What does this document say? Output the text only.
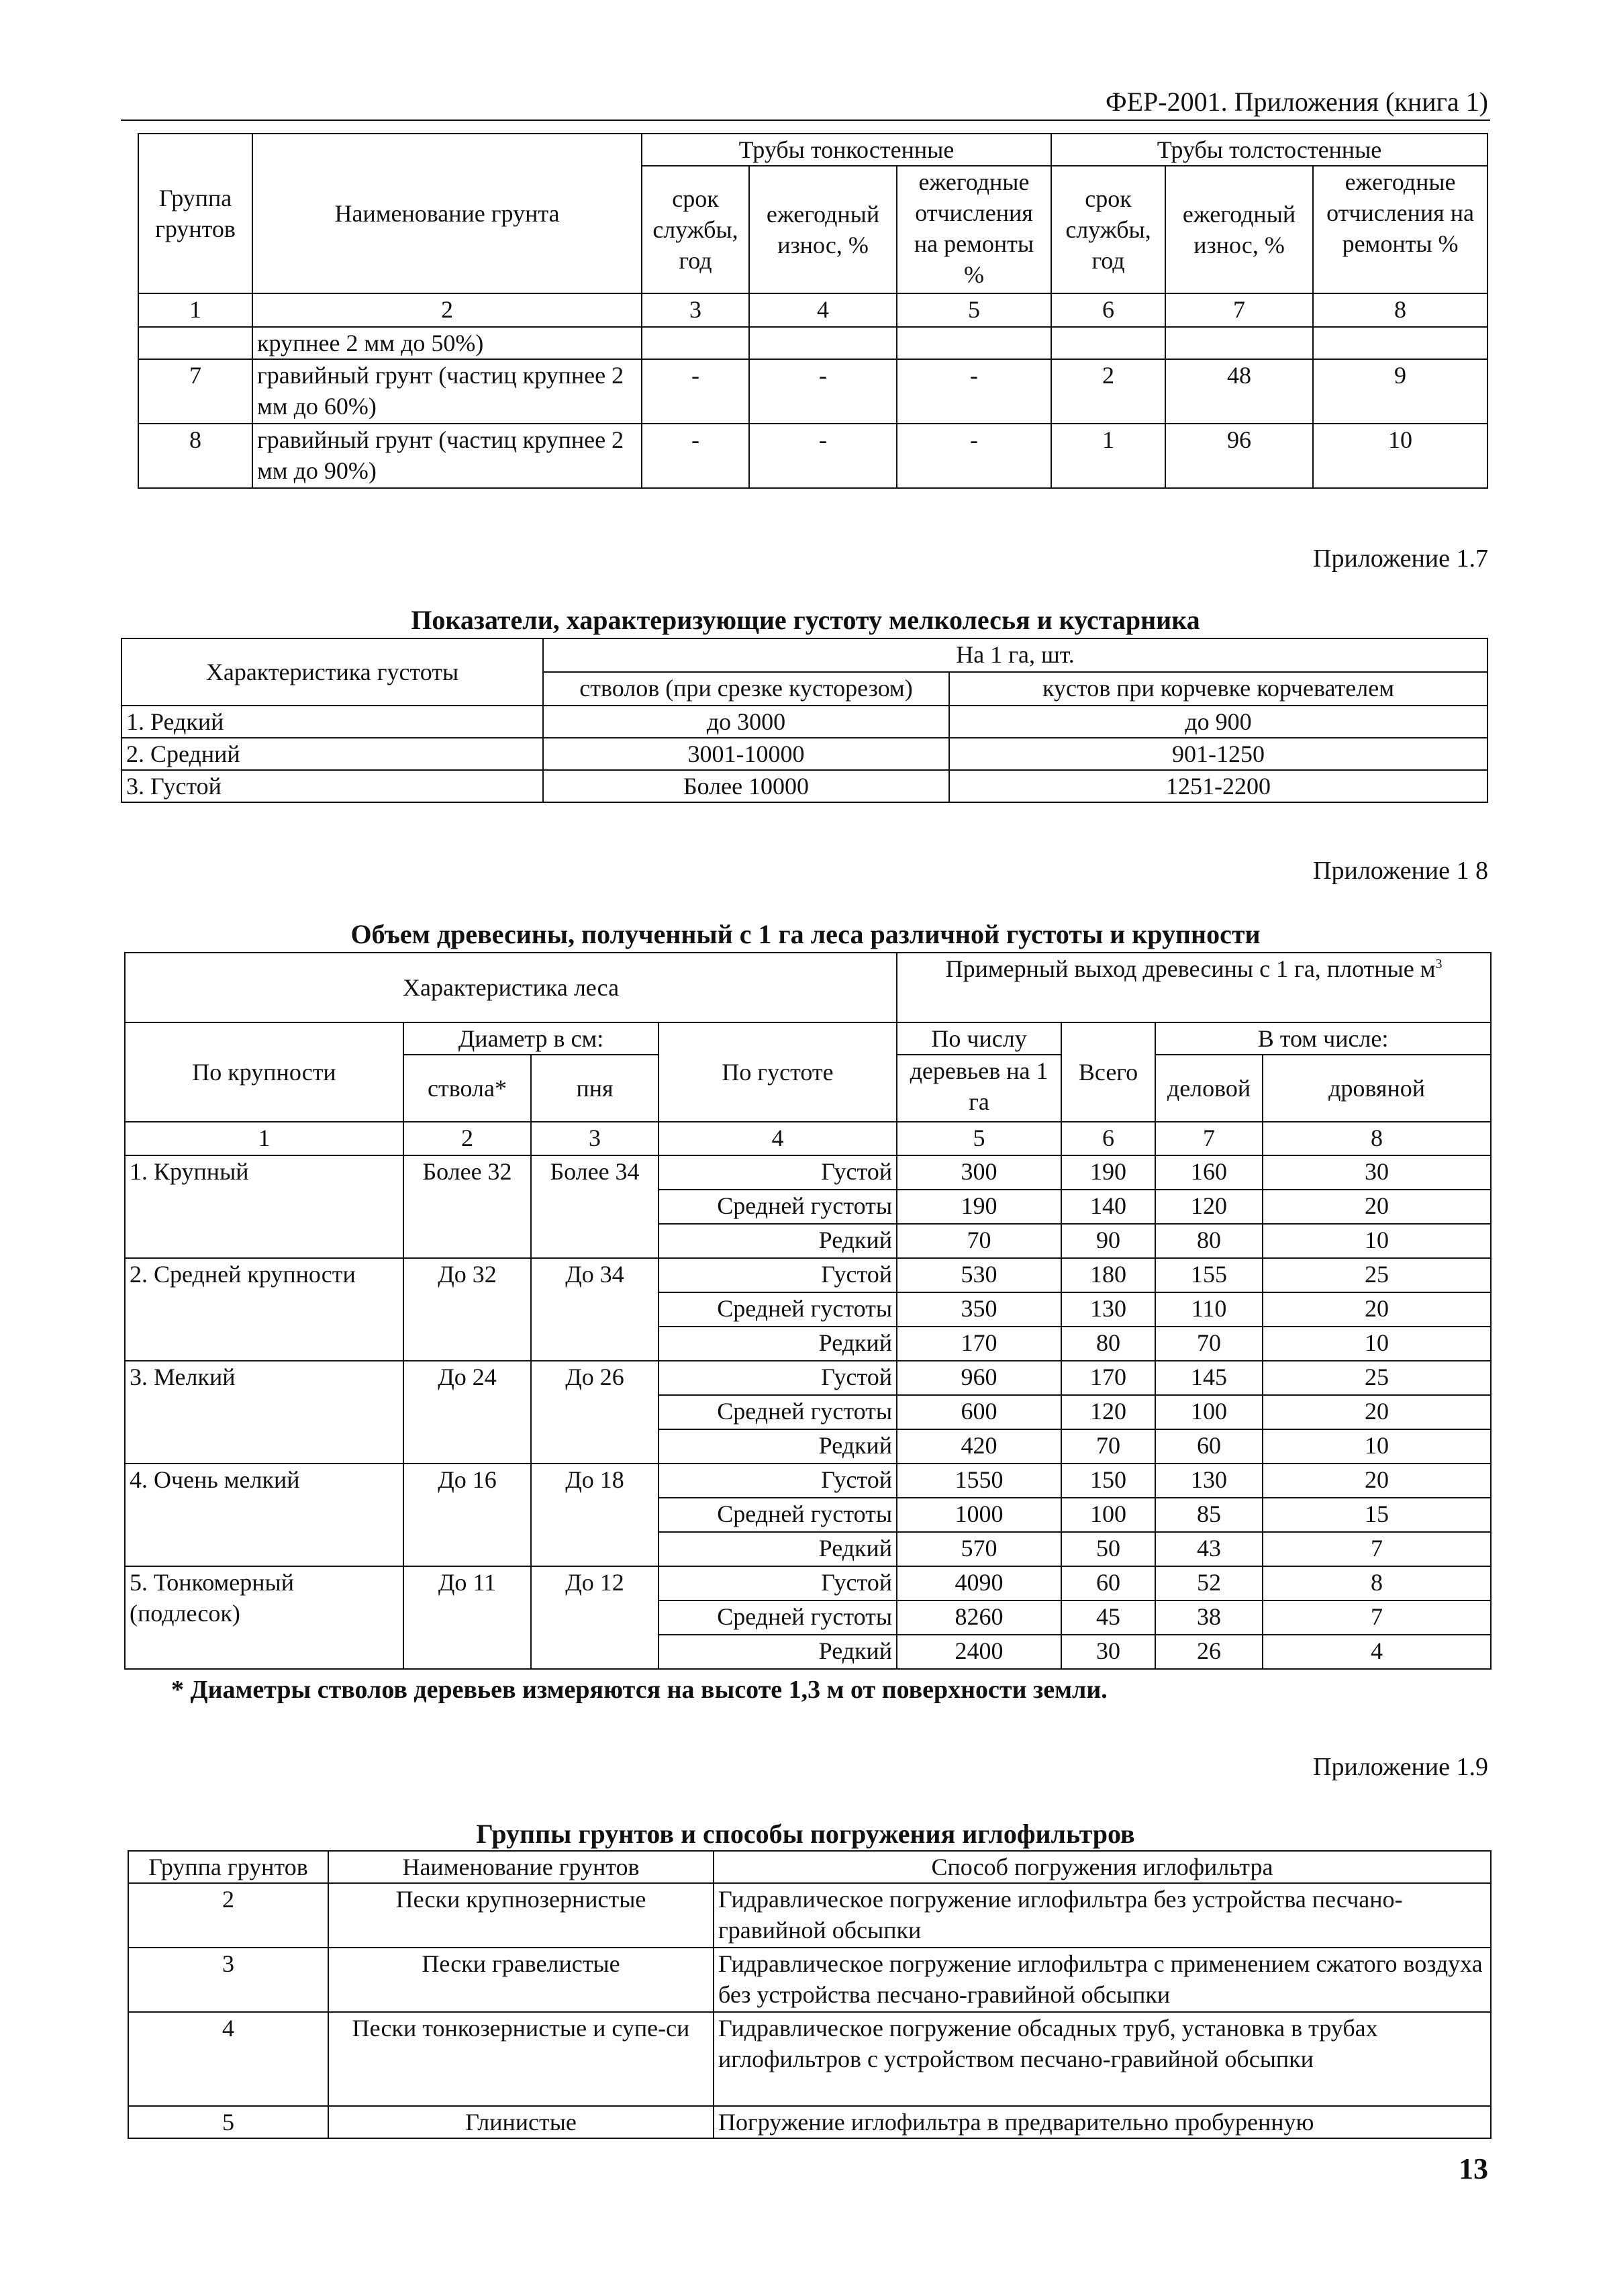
ФЕР-2001. Приложения (книга 1)
Группа грунтов	Наименование грунта	Трубы тонкостенные			Трубы толстостенные		
		срок службы, год	ежегодный износ, %	ежегодные отчисления на ремонты %	срок службы, год	ежегодный износ, %	ежегодные отчисления на ремонты %
1	2	3	4	5	6	7	8
	крупнее 2 мм до 50%)						
7	гравийный грунт (частиц крупнее 2 мм до 60%)	-	-	-	2	48	9
8	гравийный грунт (частиц крупнее 2 мм до 90%)	-	-	-	1	96	10
Приложение 1.7
Показатели, характеризующие густоту мелколесья и кустарника
Характеристика густоты	На 1 га, шт.	
	стволов (при срезке кусторезом)	кустов при корчевке корчевателем
1. Редкий	до 3000	до 900
2. Средний	3001-10000	901-1250
3. Густой	Более 10000	1251-2200
Приложение 1 8
Объем древесины, полученный с 1 га леса различной густоты и крупности
Характеристика леса				Примерный выход древесины с 1 га, плотные $м^3$
По крупности	Диаметр в см:		По густоте	По числу	Всего	В том числе:	
	ствола*	пня		деревьев на 1 га		деловой	дровяной
1	2	3	4	5	6	7	8
1. Крупный	Более 32	Более 34	Густой	300	190	160	30
			Средней густоты	190	140	120	20
			Редкий	70	90	80	10
2. Средней крупности	До 32	До 34	Густой	530	180	155	25
			Средней густоты	350	130	110	20
			Редкий	170	80	70	10
3. Мелкий	До 24	До 26	Густой	960	170	145	25
			Средней густоты	600	120	100	20
			Редкий	420	70	60	10
4. Очень мелкий	До 16	До 18	Густой	1550	150	130	20
			Средней густоты	1000	100	85	15
			Редкий	570	50	43	7
5. Тонкомерный (подлесок)	До 11	До 12	Густой	4090	60	52	8
			Средней густоты	8260	45	38	7
			Редкий	2400	30	26	4
* Диаметры стволов деревьев измеряются на высоте 1,3 м от поверхности земли.
Приложение 1.9
Группы грунтов и способы погружения иглофильтров
Группа грунтов	Наименование грунтов	Способ погружения иглофильтра
2	Пески крупнозернистые	Гидравлическое погружение иглофильтра без устройства песчано-гравийной обсыпки
3	Пески гравелистые	Гидравлическое погружение иглофильтра с применением сжатого воздуха без устройства песчано-гравийной обсыпки
4	Пески тонкозернистые и супе-си	Гидравлическое погружение обсадных труб, установка в трубах иглофильтров с устройством песчано-гравийной обсыпки
5	Глинистые	Погружение иглофильтра в предварительно пробуренную
13
